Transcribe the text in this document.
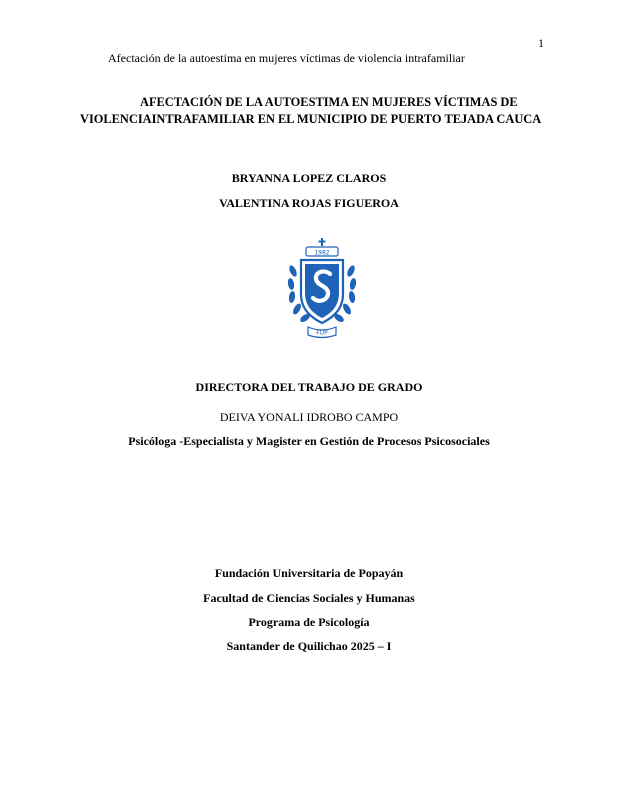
1
Afectación de la autoestima en mujeres víctimas de violencia intrafamiliar
AFECTACIÓN DE LA AUTOESTIMA EN MUJERES VÍCTIMAS DE VIOLENCIAINTRAFAMILIAR EN EL MUNICIPIO DE PUERTO TEJADA CAUCA
BRYANNA LOPEZ CLAROS
VALENTINA ROJAS FIGUEROA
1982
FUP
DIRECTORA DEL TRABAJO DE GRADO
DEIVA YONALI IDROBO CAMPO
Psicóloga -Especialista y Magister en Gestión de Procesos Psicosociales
Fundación Universitaria de Popayán
Facultad de Ciencias Sociales y Humanas
Programa de Psicología
Santander de Quilichao 2025 – I
